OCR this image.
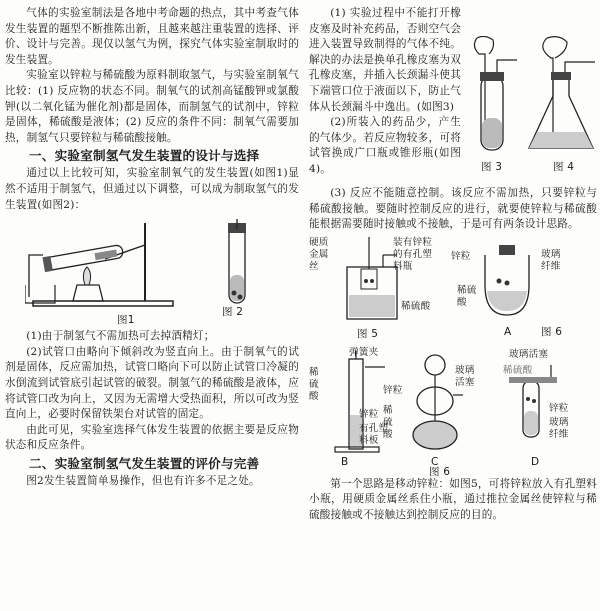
气体的实验室制法是各地中考命题的热点，其中考查气体发生装置的题型不断推陈出新，且越来越注重装置的选择、评价、设计与完善。现仅以氢气为例，探究气体实验室制取时的发生装置。

实验室以锌粒与稀硫酸为原料制取氢气，与实验室制氧气比较：(1) 反应物的状态不同。制氧气的试剂高锰酸钾或氯酸钾(以二氧化锰为催化剂)都是固体，而制氢气的试剂中，锌粒是固体，稀硫酸是液体；(2) 反应的条件不同：制氧气需要加热，制氢气只要锌粒与稀硫酸接触。

一、实验室制氢气发生装置的设计与选择

通过以上比较可知，实验室制氧气的发生装置(如图1)显然不适用于制氢气，但通过以下调整，可以成为制取氢气的发生装置(如图2)：

图1
图 2

(1)由于制氢气不需加热可去掉酒精灯；

(2)试管口由略向下倾斜改为竖直向上。由于制氧气的试剂是固体，反应需加热，试管口略向下可以防止试管口冷凝的水倒流到试管底引起试管的破裂。制氢气的稀硫酸是液体，应将试管口改为向上，又因为无需增大受热面积，所以可改为竖直向上，必要时保留铁架台对试管的固定。

由此可见，实验室选择气体发生装置的依据主要是反应物状态和反应条件。

二、实验室制氢气发生装置的评价与完善

图2发生装置简单易操作，但也有许多不足之处。

图 3	图 4

(1) 实验过程中不能打开橡皮塞及时补充药品，否则空气会进入装置导致制得的气体不纯。解决的办法是换单孔橡皮塞为双孔橡皮塞，并插入长颈漏斗使其下端管口位于液面以下，防止气体从长颈漏斗中逸出。(如图3)

(2)所装入的药品少，产生的气体少。若反应物较多，可将试管换成广口瓶或锥形瓶(如图4)。

(3) 反应不能随意控制。该反应不需加热，只要锌粒与稀硫酸接触。要随时控制反应的进行，就要使锌粒与稀硫酸能根据需要随时接触或不接触，于是可有两条设计思路。

硬质金属丝
装有锌粒的有孔塑料瓶
稀硫酸
图 5
锌粒	玻璃纤维
稀硫酸
A	图 6
弹簧夹
稀硫酸
锌粒
有孔塑料板
B
稀硫酸
锌粒
玻璃活塞
C
玻璃活塞
稀硫酸
锌粒
玻璃纤维
D
图 6

第一个思路是移动锌粒：如图5，可将锌粒放入有孔塑料小瓶，用硬质金属丝系住小瓶，通过推拉金属丝使锌粒与稀硫酸接触或不接触达到控制反应的目的。
